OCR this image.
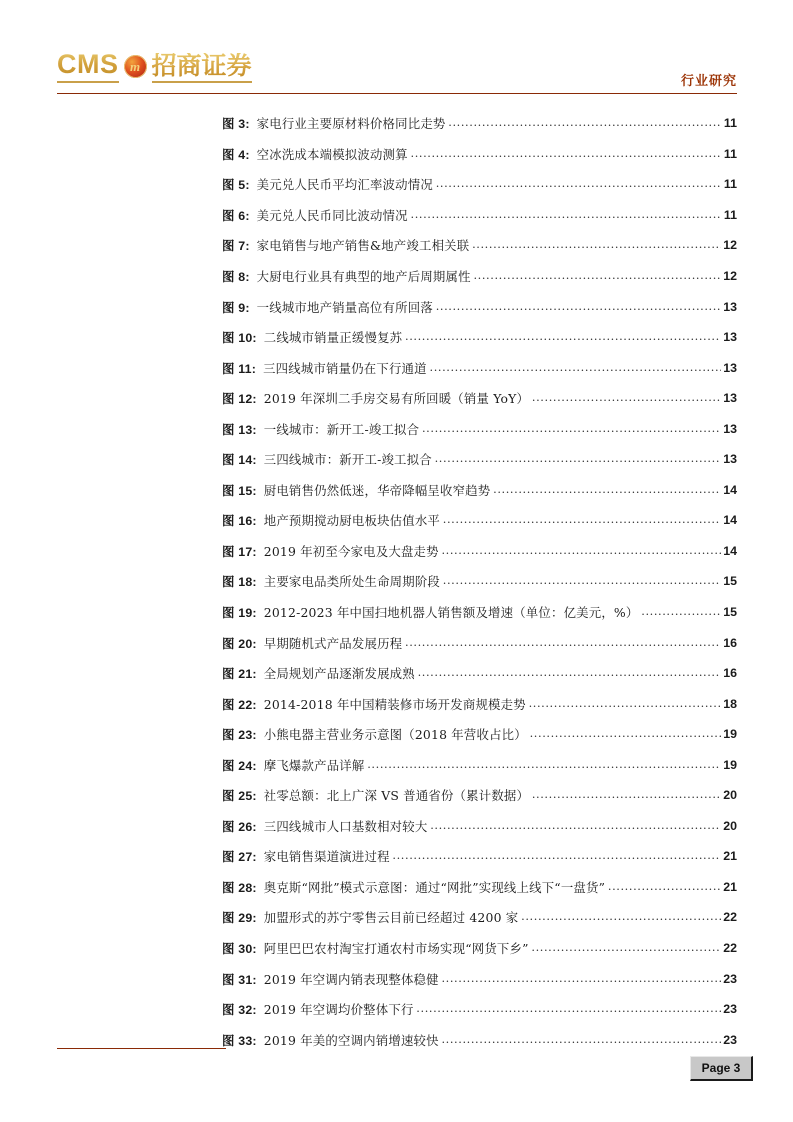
CMS m 招商证券
行业研究
图 3: 家电行业主要原材料价格同比走势 .....	11
图 4: 空冰洗成本端模拟波动测算 .....	11
图 5: 美元兑人民币平均汇率波动情况 .....	11
图 6: 美元兑人民币同比波动情况 .....	11
图 7: 家电销售与地产销售&地产竣工相关联 .....	12
图 8: 大厨电行业具有典型的地产后周期属性 .....	12
图 9: 一线城市地产销量高位有所回落 .....	13
图 10: 二线城市销量正缓慢复苏 .....	13
图 11: 三四线城市销量仍在下行通道 .....	13
图 12: 2019 年深圳二手房交易有所回暖（销量 YoY） .....	13
图 13: 一线城市：新开工-竣工拟合 .....	13
图 14: 三四线城市：新开工-竣工拟合 .....	13
图 15: 厨电销售仍然低迷，华帝降幅呈收窄趋势 .....	14
图 16: 地产预期搅动厨电板块估值水平 .....	14
图 17: 2019 年初至今家电及大盘走势 .....	14
图 18: 主要家电品类所处生命周期阶段 .....	15
图 19: 2012-2023 年中国扫地机器人销售额及增速（单位：亿美元，%） .....	15
图 20: 早期随机式产品发展历程 .....	16
图 21: 全局规划产品逐渐发展成熟 .....	16
图 22: 2014-2018 年中国精装修市场开发商规模走势 .....	18
图 23: 小熊电器主营业务示意图（2018 年营收占比） .....	19
图 24: 摩飞爆款产品详解 .....	19
图 25: 社零总额：北上广深 VS 普通省份（累计数据） .....	20
图 26: 三四线城市人口基数相对较大 .....	20
图 27: 家电销售渠道演进过程 .....	21
图 28: 奥克斯“网批”模式示意图：通过“网批”实现线上线下“一盘货” .....	21
图 29: 加盟形式的苏宁零售云目前已经超过 4200 家 .....	22
图 30: 阿里巴巴农村淘宝打通农村市场实现“网货下乡” .....	22
图 31: 2019 年空调内销表现整体稳健 .....	23
图 32: 2019 年空调均价整体下行 .....	23
图 33: 2019 年美的空调内销增速较快 .....	23
Page 3
